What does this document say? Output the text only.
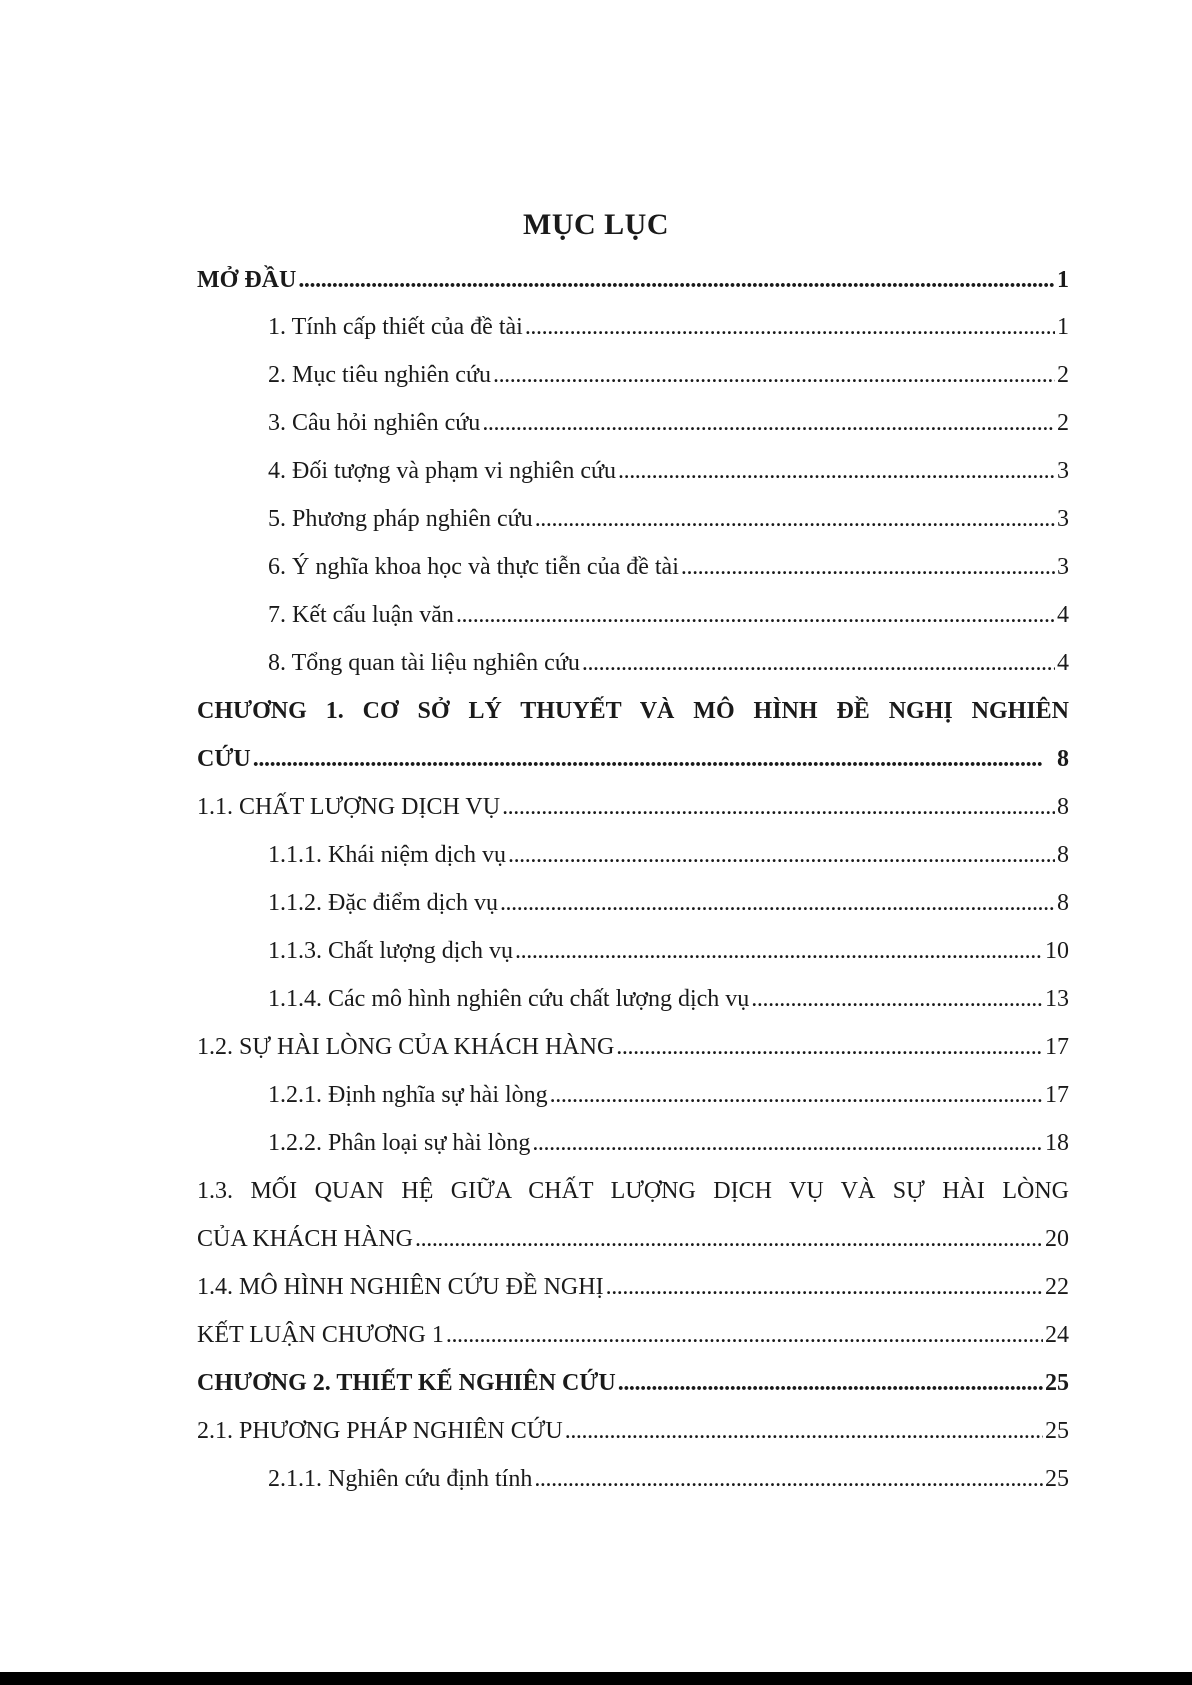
MỤC LỤC
MỞ ĐẦU . . .	1
1. Tính cấp thiết của đề tài . . .	1
2. Mục tiêu nghiên cứu . . .	2
3. Câu hỏi nghiên cứu . . .	2
4. Đối tượng và phạm vi nghiên cứu . . .	3
5. Phương pháp nghiên cứu . . .	3
6. Ý nghĩa khoa học và thực tiễn của đề tài . . .	3
7. Kết cấu luận văn . . .	4
8. Tổng quan tài liệu nghiên cứu . . .	4
CHƯƠNG 1. CƠ SỞ LÝ THUYẾT VÀ MÔ HÌNH ĐỀ NGHỊ NGHIÊN
CỨU . . .	8
1.1. CHẤT LƯỢNG DỊCH VỤ . . .	8
1.1.1. Khái niệm dịch vụ . . .	8
1.1.2. Đặc điểm dịch vụ . . .	8
1.1.3. Chất lượng dịch vụ . . .	10
1.1.4. Các mô hình nghiên cứu chất lượng dịch vụ . . .	13
1.2. SỰ HÀI LÒNG CỦA KHÁCH HÀNG . . .	17
1.2.1. Định nghĩa sự hài lòng . . .	17
1.2.2. Phân loại sự hài lòng . . .	18
1.3. MỐI QUAN HỆ GIỮA CHẤT LƯỢNG DỊCH VỤ VÀ SỰ HÀI LÒNG
CỦA KHÁCH HÀNG . . .	20
1.4. MÔ HÌNH NGHIÊN CỨU ĐỀ NGHỊ . . .	22
KẾT LUẬN CHƯƠNG 1 . . .	24
CHƯƠNG 2. THIẾT KẾ NGHIÊN CỨU . . .	25
2.1. PHƯƠNG PHÁP NGHIÊN CỨU . . .	25
2.1.1. Nghiên cứu định tính . . .	25
